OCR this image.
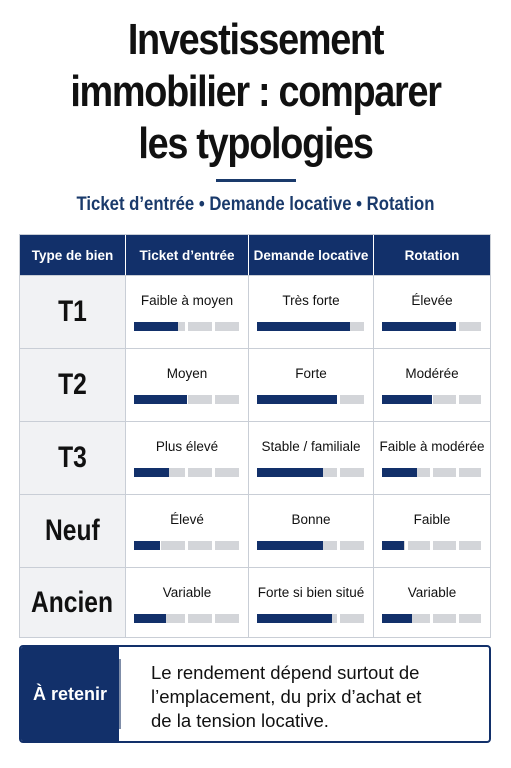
Investissement
immobilier : comparer
les typologies
Ticket d’entrée • Demande locative • Rotation
Type de bien	Ticket d’entrée	Demande locative	Rotation
T1	Faible à moyen	Très forte	Élevée
T2	Moyen	Forte	Modérée
T3	Plus élevé	Stable / familiale	Faible à modérée
Neuf	Élevé	Bonne	Faible
Ancien	Variable	Forte si bien situé	Variable
À retenir
Le rendement dépend surtout de
l’emplacement, du prix d’achat et
de la tension locative.
